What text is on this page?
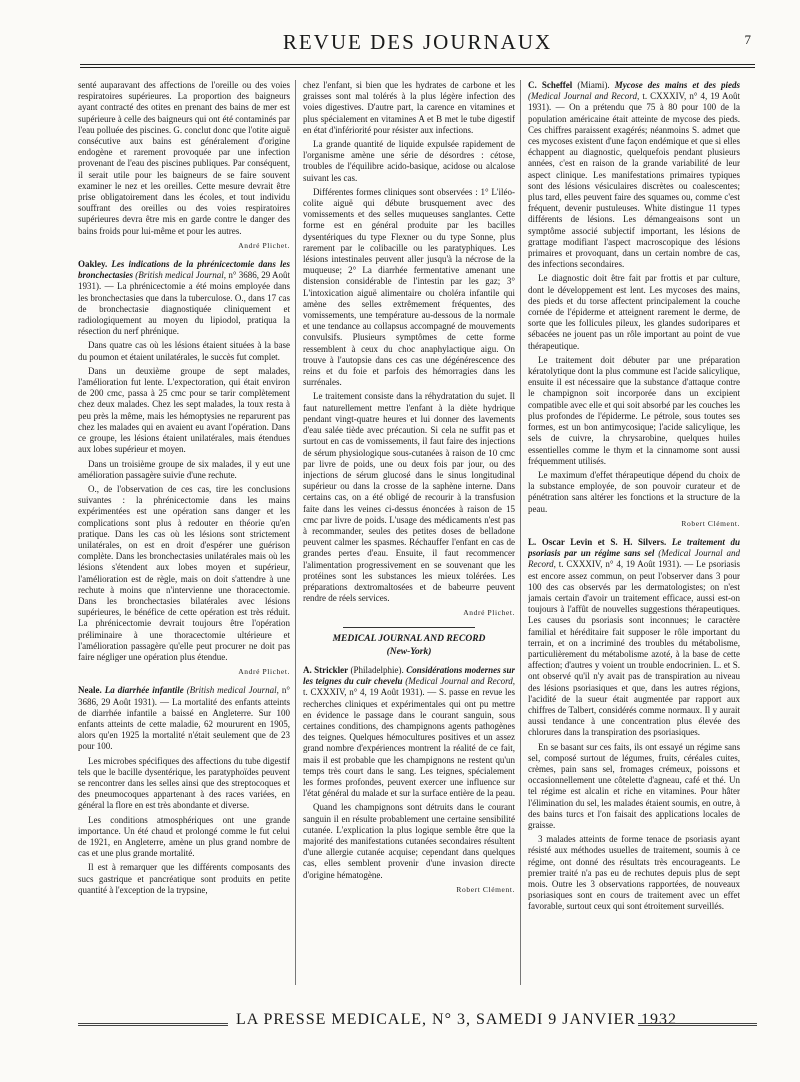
REVUE DES JOURNAUX	7

senté auparavant des affections de l'oreille ou des voies respiratoires supérieures. La proportion des baigneurs ayant contracté des otites en prenant des bains de mer est supérieure à celle des baigneurs qui ont été contaminés par l'eau polluée des piscines. G. conclut donc que l'otite aiguë consécutive aux bains est généralement d'origine endogène et rarement provoquée par une infection provenant de l'eau des piscines publiques. Par conséquent, il serait utile pour les baigneurs de se faire souvent examiner le nez et les oreilles. Cette mesure devrait être prise obligatoirement dans les écoles, et tout individu souffrant des oreilles ou des voies respiratoires supérieures devra être mis en garde contre le danger des bains froids pour lui-même et pour les autres.

André Plichet.

Oakley. Les indications de la phrénicectomie dans les bronchectasies (British medical Journal, n° 3686, 29 Août 1931). — La phrénicectomie a été moins employée dans les bronchectasies que dans la tuberculose. O., dans 17 cas de bronchectasie diagnostiquée cliniquement et radiologiquement au moyen du lipiodol, pratiqua la résection du nerf phrénique.

Dans quatre cas où les lésions étaient situées à la base du poumon et étaient unilatérales, le succès fut complet.

Dans un deuxième groupe de sept malades, l'amélioration fut lente. L'expectoration, qui était environ de 200 cmc, passa à 25 cmc pour se tarir complètement chez deux malades. Chez les sept malades, la toux resta à peu près la même, mais les hémoptysies ne reparurent pas chez les malades qui en avaient eu avant l'opération. Dans ce groupe, les lésions étaient unilatérales, mais étendues aux lobes supérieur et moyen.

Dans un troisième groupe de six malades, il y eut une amélioration passagère suivie d'une rechute.

O., de l'observation de ces cas, tire les conclusions suivantes : la phrénicectomie dans les mains expérimentées est une opération sans danger et les complications sont plus à redouter en théorie qu'en pratique. Dans les cas où les lésions sont strictement unilatérales, on est en droit d'espérer une guérison complète. Dans les bronchectasies unilatérales mais où les lésions s'étendent aux lobes moyen et supérieur, l'amélioration est de règle, mais on doit s'attendre à une rechute à moins que n'intervienne une thoracectomie. Dans les bronchectasies bilatérales avec lésions supérieures, le bénéfice de cette opération est très réduit. La phrénicectomie devrait toujours être l'opération préliminaire à une thoracectomie ultérieure et l'amélioration passagère qu'elle peut procurer ne doit pas faire négliger une opération plus étendue.

André Plichet.

Neale. La diarrhée infantile (British medical Journal, n° 3686, 29 Août 1931). — La mortalité des enfants atteints de diarrhée infantile a baissé en Angleterre. Sur 100 enfants atteints de cette maladie, 62 moururent en 1905, alors qu'en 1925 la mortalité n'était seulement que de 23 pour 100.

Les microbes spécifiques des affections du tube digestif tels que le bacille dysentérique, les paratyphoïdes peuvent se rencontrer dans les selles ainsi que des streptocoques et des pneumocoques appartenant à des races variées, en général la flore en est très abondante et diverse.

Les conditions atmosphériques ont une grande importance. Un été chaud et prolongé comme le fut celui de 1921, en Angleterre, amène un plus grand nombre de cas et une plus grande mortalité.

Il est à remarquer que les différents composants des sucs gastrique et pancréatique sont produits en petite quantité à l'exception de la trypsine,

chez l'enfant, si bien que les hydrates de carbone et les graisses sont mal tolérés à la plus légère infection des voies digestives. D'autre part, la carence en vitamines et plus spécialement en vitamines A et B met le tube digestif en état d'infériorité pour résister aux infections.

La grande quantité de liquide expulsée rapidement de l'organisme amène une série de désordres : cétose, troubles de l'équilibre acido-basique, acidose ou alcalose suivant les cas.

Différentes formes cliniques sont observées : 1° L'iléo-colite aiguë qui débute brusquement avec des vomissements et des selles muqueuses sanglantes. Cette forme est en général produite par les bacilles dysentériques du type Flexner ou du type Sonne, plus rarement par le colibacille ou les paratyphiques. Les lésions intestinales peuvent aller jusqu'à la nécrose de la muqueuse; 2° La diarrhée fermentative amenant une distension considérable de l'intestin par les gaz; 3° L'intoxication aiguë alimentaire ou choléra infantile qui amène des selles extrêmement fréquentes, des vomissements, une température au-dessous de la normale et une tendance au collapsus accompagné de mouvements convulsifs. Plusieurs symptômes de cette forme ressemblent à ceux du choc anaphylactique aigu. On trouve à l'autopsie dans ces cas une dégénérescence des reins et du foie et parfois des hémorragies dans les surrénales.

Le traitement consiste dans la réhydratation du sujet. Il faut naturellement mettre l'enfant à la diète hydrique pendant vingt-quatre heures et lui donner des lavements d'eau salée tiède avec précaution. Si cela ne suffit pas et surtout en cas de vomissements, il faut faire des injections de sérum physiologique sous-cutanées à raison de 10 cmc par livre de poids, une ou deux fois par jour, ou des injections de sérum glucosé dans le sinus longitudinal supérieur ou dans la crosse de la saphène interne. Dans certains cas, on a été obligé de recourir à la transfusion faite dans les veines ci-dessus énoncées à raison de 15 cmc par livre de poids. L'usage des médicaments n'est pas à recommander, seules des petites doses de belladone peuvent calmer les spasmes. Réchauffer l'enfant en cas de grandes pertes d'eau. Ensuite, il faut recommencer l'alimentation progressivement en se souvenant que les protéines sont les substances les mieux tolérées. Les préparations dextromaltosées et de babeurre peuvent rendre de réels services.

André Plichet.
MEDICAL JOURNAL AND RECORD
(New-York)

A. Strickler (Philadelphie). Considérations modernes sur les teignes du cuir chevelu (Medical Journal and Record, t. CXXXIV, n° 4, 19 Août 1931). — S. passe en revue les recherches cliniques et expérimentales qui ont pu mettre en évidence le passage dans le courant sanguin, sous certaines conditions, des champignons agents pathogènes des teignes. Quelques hémocultures positives et un assez grand nombre d'expériences montrent la réalité de ce fait, mais il est probable que les champignons ne restent qu'un temps très court dans le sang. Les teignes, spécialement les formes profondes, peuvent exercer une influence sur l'état général du malade et sur la surface entière de la peau.

Quand les champignons sont détruits dans le courant sanguin il en résulte probablement une certaine sensibilité cutanée. L'explication la plus logique semble être que la majorité des manifestations cutanées secondaires résultent d'une allergie cutanée acquise; cependant dans quelques cas, elles semblent provenir d'une invasion directe d'origine hématogène.

Robert Clément.

C. Scheffel (Miami). Mycose des mains et des pieds (Medical Journal and Record, t. CXXXIV, n° 4, 19 Août 1931). — On a prétendu que 75 à 80 pour 100 de la population américaine était atteinte de mycose des pieds. Ces chiffres paraissent exagérés; néanmoins S. admet que ces mycoses existent d'une façon endémique et que si elles échappent au diagnostic, quelquefois pendant plusieurs années, c'est en raison de la grande variabilité de leur aspect clinique. Les manifestations primaires typiques sont des lésions vésiculaires discrètes ou coalescentes; plus tard, elles peuvent faire des squames ou, comme c'est fréquent, devenir pustuleuses. White distingue 11 types différents de lésions. Les démangeaisons sont un symptôme associé subjectif important, les lésions de grattage modifiant l'aspect macroscopique des lésions primaires et provoquant, dans un certain nombre de cas, des infections secondaires.

Le diagnostic doit être fait par frottis et par culture, dont le développement est lent. Les mycoses des mains, des pieds et du torse affectent principalement la couche cornée de l'épiderme et atteignent rarement le derme, de sorte que les follicules pileux, les glandes sudoripares et sébacées ne jouent pas un rôle important au point de vue thérapeutique.

Le traitement doit débuter par une préparation kératolytique dont la plus commune est l'acide salicylique, ensuite il est nécessaire que la substance d'attaque contre le champignon soit incorporée dans un excipient compatible avec elle et qui soit absorbé par les couches les plus profondes de l'épiderme. Le pétrole, sous toutes ses formes, est un bon antimycosique; l'acide salicylique, les sels de cuivre, la chrysarobine, quelques huiles essentielles comme le thym et la cinnamome sont aussi fréquemment utilisés.

Le maximum d'effet thérapeutique dépend du choix de la substance employée, de son pouvoir curateur et de pénétration sans altérer les fonctions et la structure de la peau.

Robert Clément.

L. Oscar Levin et S. H. Silvers. Le traitement du psoriasis par un régime sans sel (Medical Journal and Record, t. CXXXIV, n° 4, 19 Août 1931). — Le psoriasis est encore assez commun, on peut l'observer dans 3 pour 100 des cas observés par les dermatologistes; on n'est jamais certain d'avoir un traitement efficace, aussi est-on toujours à l'affût de nouvelles suggestions thérapeutiques. Les causes du psoriasis sont inconnues; le caractère familial et héréditaire fait supposer le rôle important du terrain, et on a incriminé des troubles du métabolisme, particulièrement du métabolisme azoté, à la base de cette affection; d'autres y voient un trouble endocrinien. L. et S. ont observé qu'il n'y avait pas de transpiration au niveau des lésions psoriasiques et que, dans les autres régions, l'acidité de la sueur était augmentée par rapport aux chiffres de Talbert, considérés comme normaux. Il y aurait aussi tendance à une concentration plus élevée des chlorures dans la transpiration des psoriasiques.

En se basant sur ces faits, ils ont essayé un régime sans sel, composé surtout de légumes, fruits, céréales cuites, crèmes, pain sans sel, fromages crémeux, poissons et occasionnellement une côtelette d'agneau, café et thé. Un tel régime est alcalin et riche en vitamines. Pour hâter l'élimination du sel, les malades étaient soumis, en outre, à des bains turcs et l'on faisait des applications locales de graisse.

3 malades atteints de forme tenace de psoriasis ayant résisté aux méthodes usuelles de traitement, soumis à ce régime, ont donné des résultats très encourageants. Le premier traité n'a pas eu de rechutes depuis plus de sept mois. Outre les 3 observations rapportées, de nouveaux psoriasiques sont en cours de traitement avec un effet favorable, surtout ceux qui sont étroitement surveillés.

LA PRESSE MEDICALE, N° 3, SAMEDI 9 JANVIER 1932
